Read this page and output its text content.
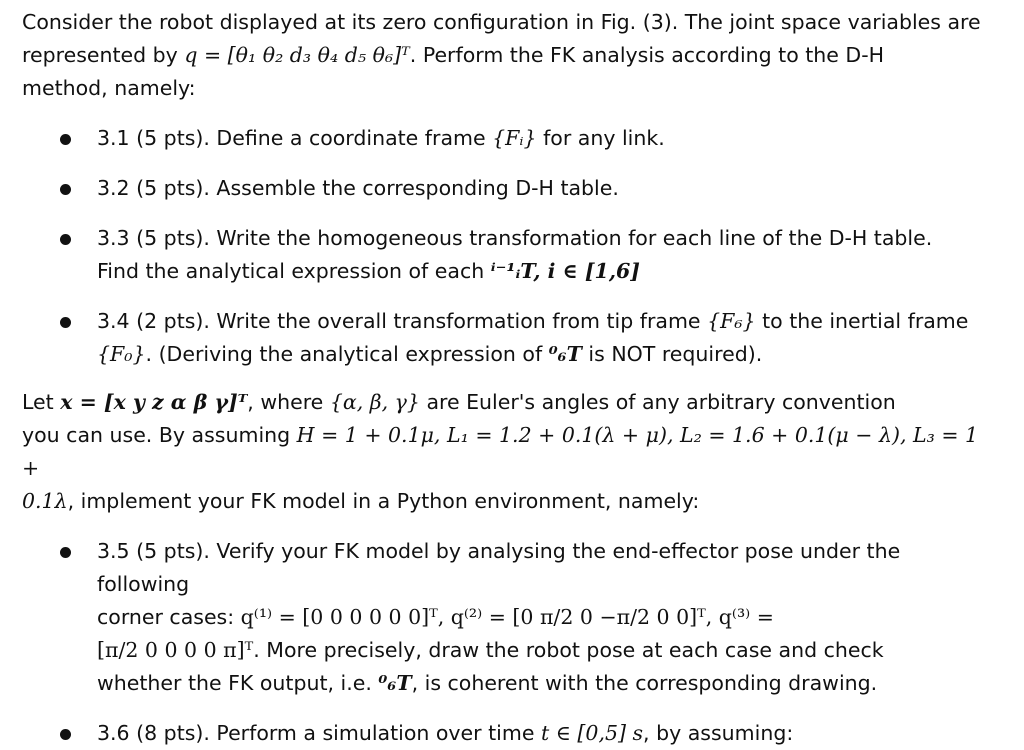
Consider the robot displayed at its zero configuration in Fig. (3). The joint space variables are
represented by q = [θ₁ θ₂ d₃ θ₄ d₅ θ₆]ᵀ. Perform the FK analysis according to the D-H
method, namely:

3.1 (5 pts). Define a coordinate frame {Fᵢ} for any link.
3.2 (5 pts). Assemble the corresponding D-H table.
3.3 (5 pts). Write the homogeneous transformation for each line of the D-H table.
Find the analytical expression of each ⁱ⁻¹ᵢT, i ∈ [1,6]
3.4 (2 pts). Write the overall transformation from tip frame {F₆} to the inertial frame
{F₀}. (Deriving the analytical expression of ⁰₆T is NOT required).

Let x = [x y z α β γ]ᵀ, where {α, β, γ} are Euler's angles of any arbitrary convention
you can use. By assuming H = 1 + 0.1μ, L₁ = 1.2 + 0.1(λ + μ), L₂ = 1.6 + 0.1(μ − λ), L₃ = 1 +
0.1λ, implement your FK model in a Python environment, namely:

3.5 (5 pts). Verify your FK model by analysing the end-effector pose under the following
corner cases: q⁽¹⁾ = [0 0 0 0 0 0]ᵀ, q⁽²⁾ = [0 π/2 0 −π/2 0 0]ᵀ, q⁽³⁾ =
[π/2 0 0 0 0 π]ᵀ. More precisely, draw the robot pose at each case and check
whether the FK output, i.e. ⁰₆T, is coherent with the corresponding drawing.
3.6 (8 pts). Perform a simulation over time t ∈ [0,5] s, by assuming:
